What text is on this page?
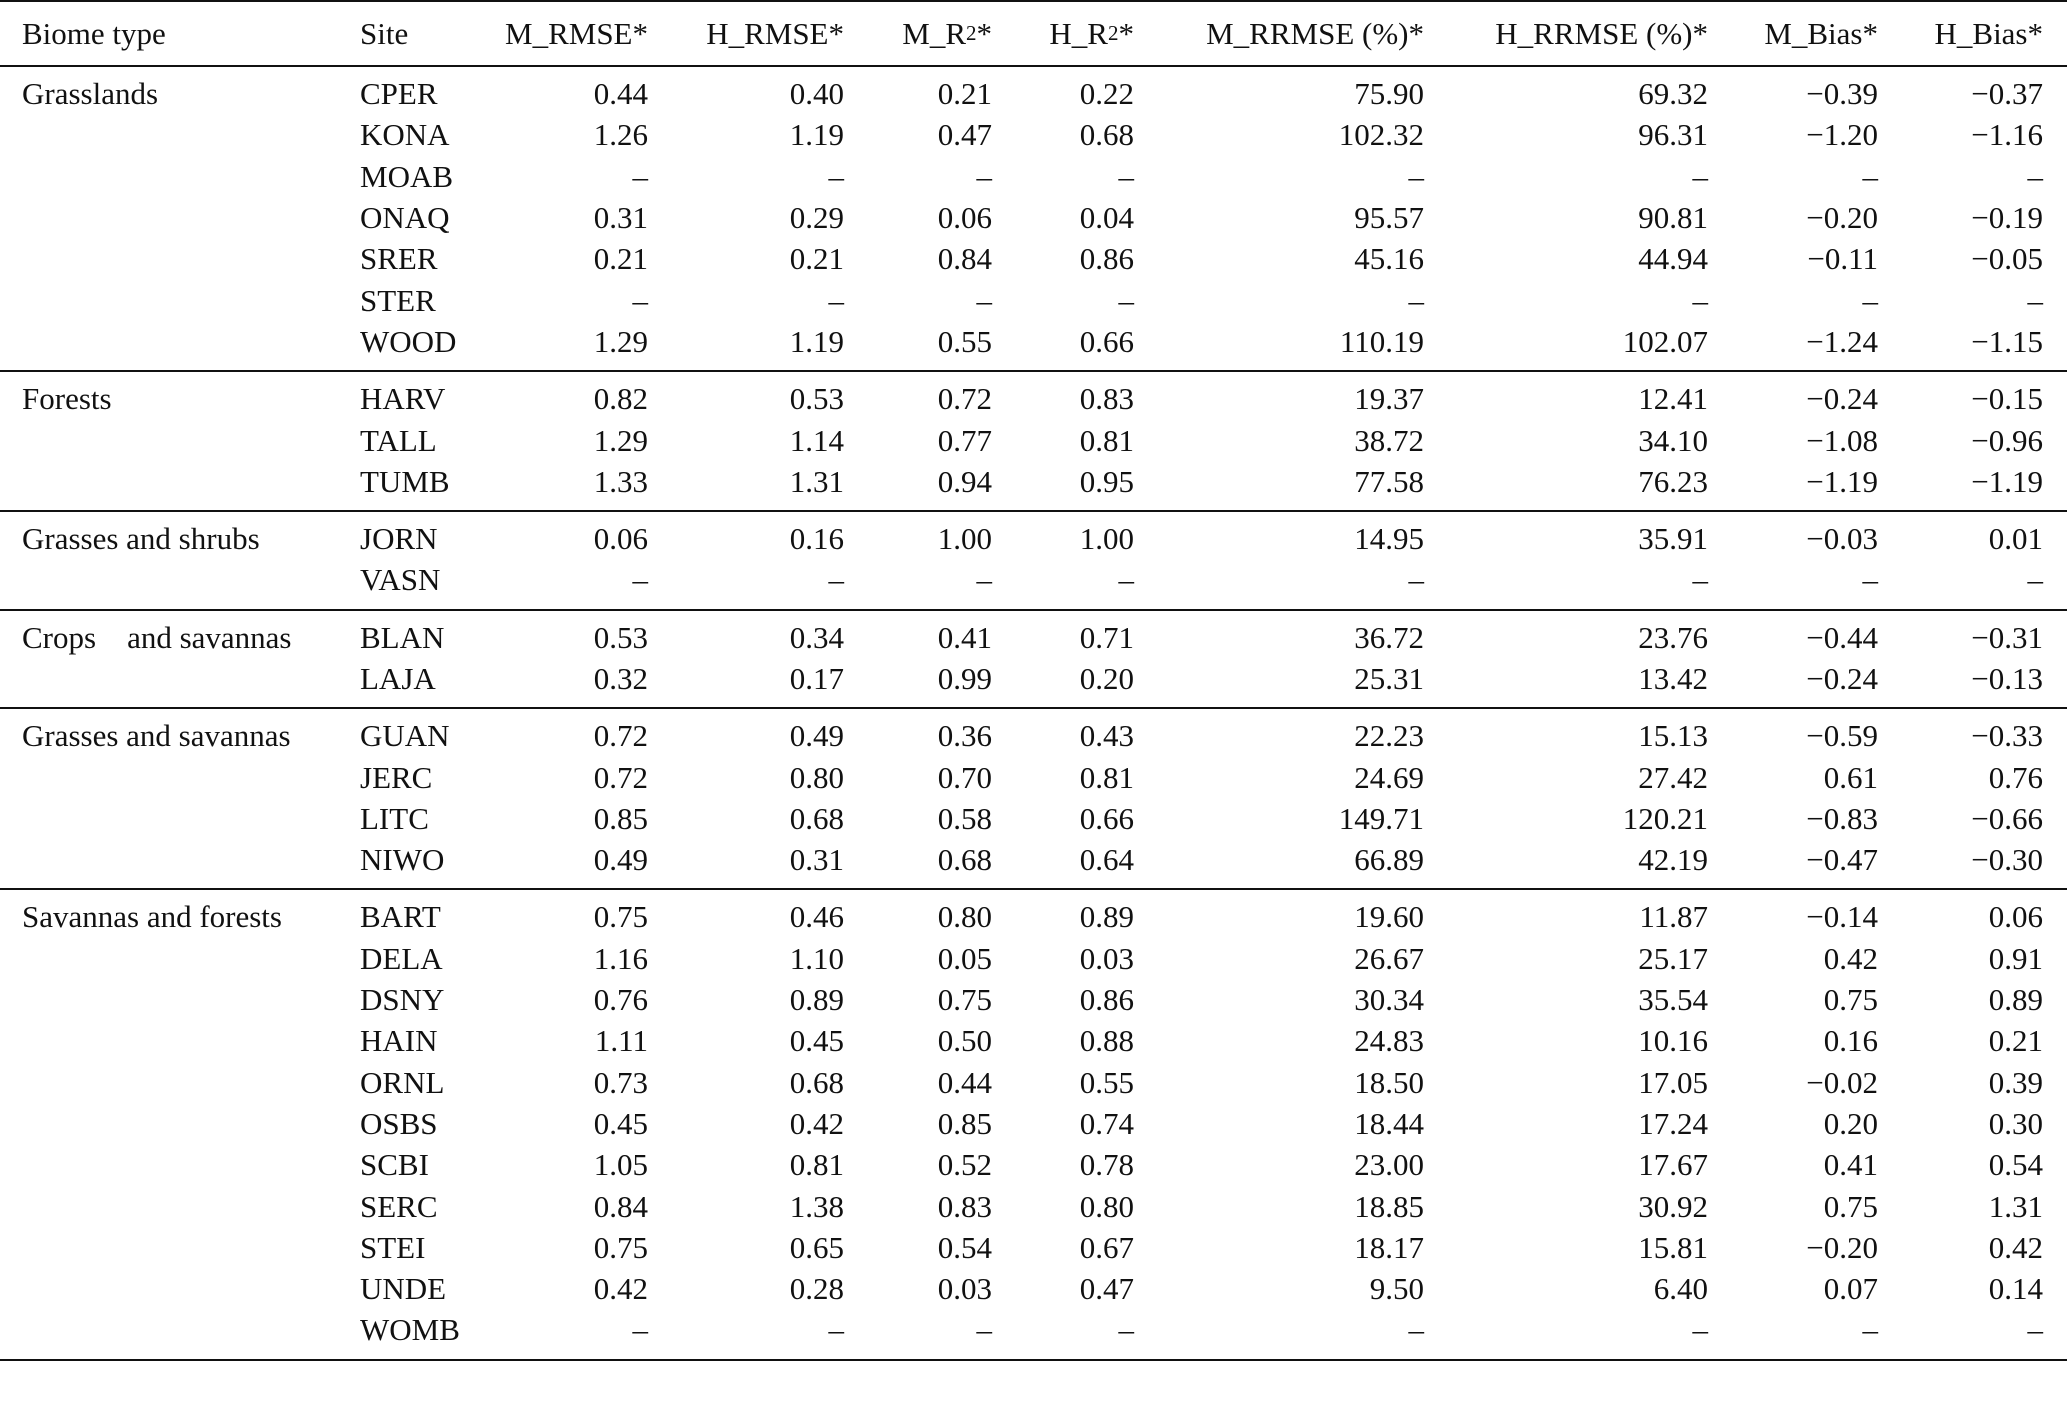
Biome type	Site	M_RMSE*	H_RMSE*	$M\_R^2*$	$H\_R^2*$	M_RRMSE (%)*	H_RRMSE (%)*	M_Bias*	H_Bias*
Grasslands	CPER	0.44	0.40	0.21	0.22	75.90	69.32	−0.39	−0.37
	KONA	1.26	1.19	0.47	0.68	102.32	96.31	−1.20	−1.16
	MOAB	–	–	–	–	–	–	–	–
	ONAQ	0.31	0.29	0.06	0.04	95.57	90.81	−0.20	−0.19
	SRER	0.21	0.21	0.84	0.86	45.16	44.94	−0.11	−0.05
	STER	–	–	–	–	–	–	–	–
	WOOD	1.29	1.19	0.55	0.66	110.19	102.07	−1.24	−1.15
Forests	HARV	0.82	0.53	0.72	0.83	19.37	12.41	−0.24	−0.15
	TALL	1.29	1.14	0.77	0.81	38.72	34.10	−1.08	−0.96
	TUMB	1.33	1.31	0.94	0.95	77.58	76.23	−1.19	−1.19
Grasses and shrubs	JORN	0.06	0.16	1.00	1.00	14.95	35.91	−0.03	0.01
	VASN	–	–	–	–	–	–	–	–
Crops    and savannas	BLAN	0.53	0.34	0.41	0.71	36.72	23.76	−0.44	−0.31
	LAJA	0.32	0.17	0.99	0.20	25.31	13.42	−0.24	−0.13
Grasses and savannas	GUAN	0.72	0.49	0.36	0.43	22.23	15.13	−0.59	−0.33
	JERC	0.72	0.80	0.70	0.81	24.69	27.42	0.61	0.76
	LITC	0.85	0.68	0.58	0.66	149.71	120.21	−0.83	−0.66
	NIWO	0.49	0.31	0.68	0.64	66.89	42.19	−0.47	−0.30
Savannas and forests	BART	0.75	0.46	0.80	0.89	19.60	11.87	−0.14	0.06
	DELA	1.16	1.10	0.05	0.03	26.67	25.17	0.42	0.91
	DSNY	0.76	0.89	0.75	0.86	30.34	35.54	0.75	0.89
	HAIN	1.11	0.45	0.50	0.88	24.83	10.16	0.16	0.21
	ORNL	0.73	0.68	0.44	0.55	18.50	17.05	−0.02	0.39
	OSBS	0.45	0.42	0.85	0.74	18.44	17.24	0.20	0.30
	SCBI	1.05	0.81	0.52	0.78	23.00	17.67	0.41	0.54
	SERC	0.84	1.38	0.83	0.80	18.85	30.92	0.75	1.31
	STEI	0.75	0.65	0.54	0.67	18.17	15.81	−0.20	0.42
	UNDE	0.42	0.28	0.03	0.47	9.50	6.40	0.07	0.14
	WOMB	–	–	–	–	–	–	–	–
